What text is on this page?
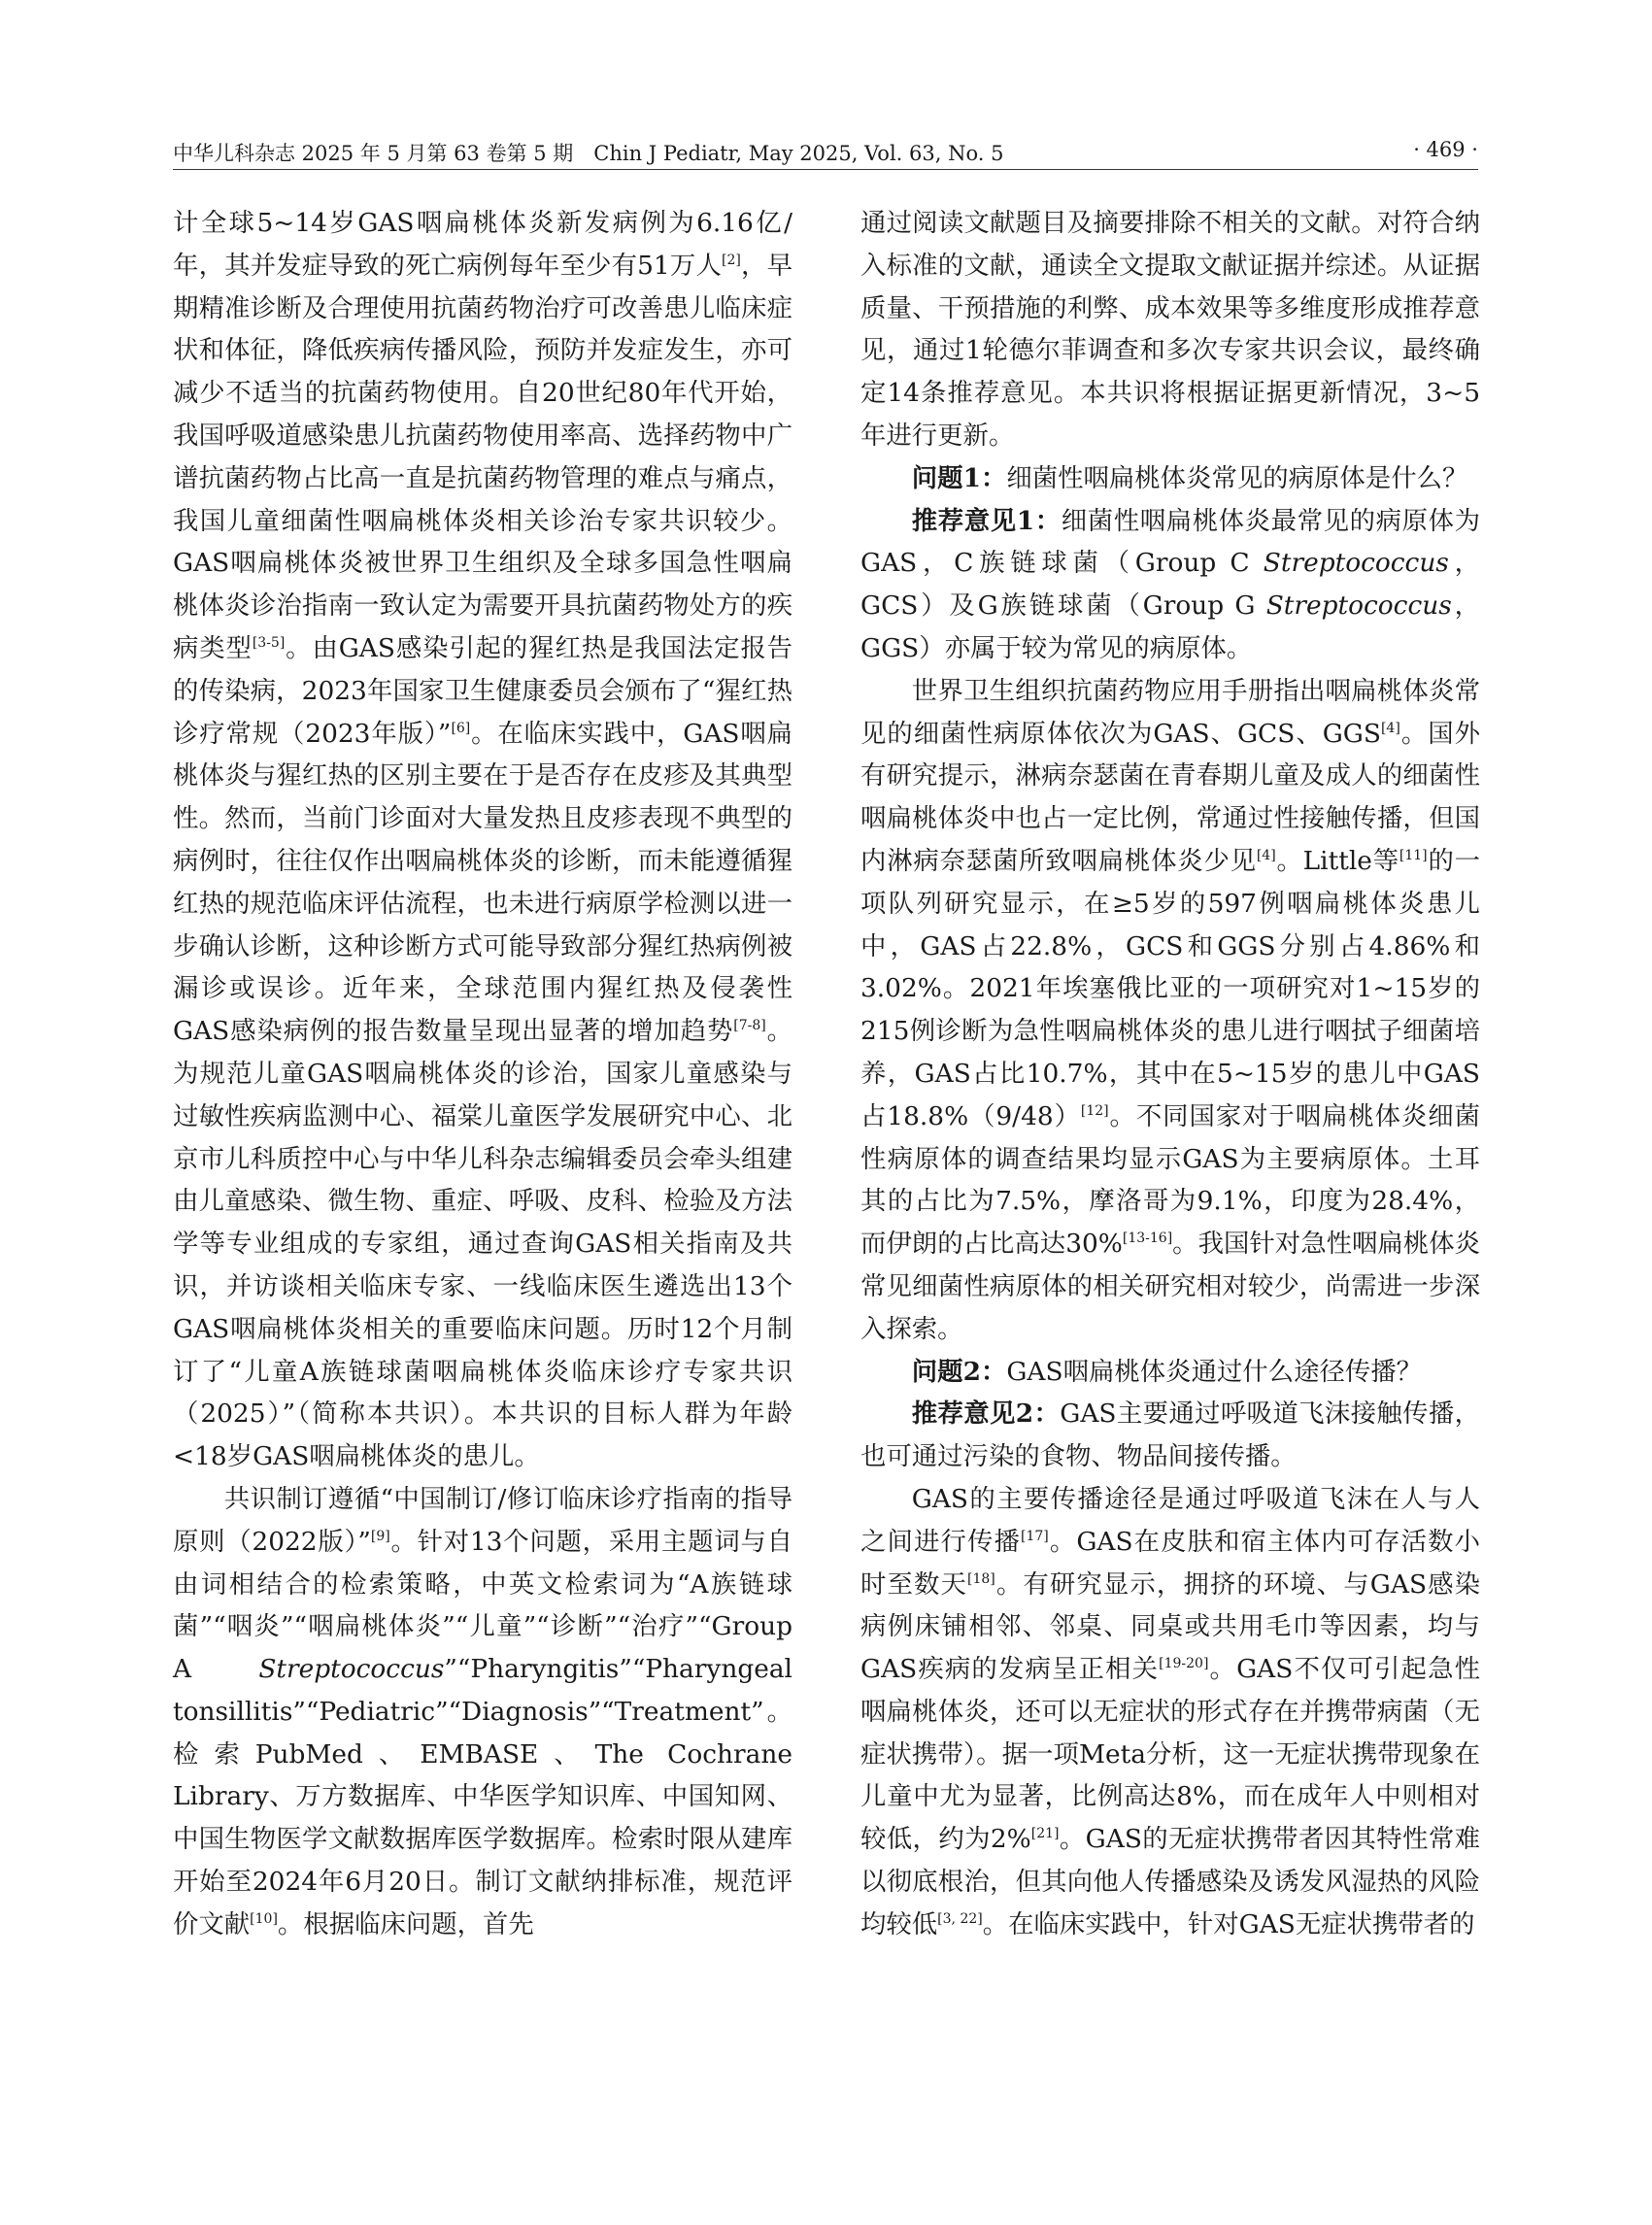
中华儿科杂志 2025 年 5 月第 63 卷第 5 期　Chin J Pediatr, May 2025, Vol. 63, No. 5	· 469 ·

计全球5~14岁GAS咽扁桃体炎新发病例为6.16亿/年，其并发症导致的死亡病例每年至少有51万人[2]，早期精准诊断及合理使用抗菌药物治疗可改善患儿临床症状和体征，降低疾病传播风险，预防并发症发生，亦可减少不适当的抗菌药物使用。自20世纪80年代开始，我国呼吸道感染患儿抗菌药物使用率高、选择药物中广谱抗菌药物占比高一直是抗菌药物管理的难点与痛点，我国儿童细菌性咽扁桃体炎相关诊治专家共识较少。GAS咽扁桃体炎被世界卫生组织及全球多国急性咽扁桃体炎诊治指南一致认定为需要开具抗菌药物处方的疾病类型[3-5]。由GAS感染引起的猩红热是我国法定报告的传染病，2023年国家卫生健康委员会颁布了“猩红热诊疗常规（2023年版）”[6]。在临床实践中，GAS咽扁桃体炎与猩红热的区别主要在于是否存在皮疹及其典型性。然而，当前门诊面对大量发热且皮疹表现不典型的病例时，往往仅作出咽扁桃体炎的诊断，而未能遵循猩红热的规范临床评估流程，也未进行病原学检测以进一步确认诊断，这种诊断方式可能导致部分猩红热病例被漏诊或误诊。近年来，全球范围内猩红热及侵袭性GAS感染病例的报告数量呈现出显著的增加趋势[7-8]。为规范儿童GAS咽扁桃体炎的诊治，国家儿童感染与过敏性疾病监测中心、福棠儿童医学发展研究中心、北京市儿科质控中心与中华儿科杂志编辑委员会牵头组建由儿童感染、微生物、重症、呼吸、皮科、检验及方法学等专业组成的专家组，通过查询GAS相关指南及共识，并访谈相关临床专家、一线临床医生遴选出13个GAS咽扁桃体炎相关的重要临床问题。历时12个月制订了“儿童A族链球菌咽扁桃体炎临床诊疗专家共识（2025）”（简称本共识）。本共识的目标人群为年龄<18岁GAS咽扁桃体炎的患儿。

共识制订遵循“中国制订/修订临床诊疗指南的指导原则（2022版）”[9]。针对13个问题，采用主题词与自由词相结合的检索策略，中英文检索词为“A族链球菌”“咽炎”“咽扁桃体炎”“儿童”“诊断”“治疗”“Group A Streptococcus”“Pharyngitis”“Pharyngeal tonsillitis”“Pediatric”“Diagnosis”“Treatment”。检索PubMed、EMBASE、The Cochrane Library、万方数据库、中华医学知识库、中国知网、中国生物医学文献数据库医学数据库。检索时限从建库开始至2024年6月20日。制订文献纳排标准，规范评价文献[10]。根据临床问题，首先

通过阅读文献题目及摘要排除不相关的文献。对符合纳入标准的文献，通读全文提取文献证据并综述。从证据质量、干预措施的利弊、成本效果等多维度形成推荐意见，通过1轮德尔菲调查和多次专家共识会议，最终确定14条推荐意见。本共识将根据证据更新情况，3~5年进行更新。

问题1：细菌性咽扁桃体炎常见的病原体是什么？

推荐意见1：细菌性咽扁桃体炎最常见的病原体为GAS，C族链球菌（Group C Streptococcus，GCS）及G族链球菌（Group G Streptococcus，GGS）亦属于较为常见的病原体。

世界卫生组织抗菌药物应用手册指出咽扁桃体炎常见的细菌性病原体依次为GAS、GCS、GGS[4]。国外有研究提示，淋病奈瑟菌在青春期儿童及成人的细菌性咽扁桃体炎中也占一定比例，常通过性接触传播，但国内淋病奈瑟菌所致咽扁桃体炎少见[4]。Little等[11]的一项队列研究显示，在≥5岁的597例咽扁桃体炎患儿中，GAS占22.8%，GCS和GGS分别占4.86%和3.02%。2021年埃塞俄比亚的一项研究对1~15岁的215例诊断为急性咽扁桃体炎的患儿进行咽拭子细菌培养，GAS占比10.7%，其中在5~15岁的患儿中GAS占18.8%（9/48）[12]。不同国家对于咽扁桃体炎细菌性病原体的调查结果均显示GAS为主要病原体。土耳其的占比为7.5%，摩洛哥为9.1%，印度为28.4%，而伊朗的占比高达30%[13-16]。我国针对急性咽扁桃体炎常见细菌性病原体的相关研究相对较少，尚需进一步深入探索。

问题2：GAS咽扁桃体炎通过什么途径传播？

推荐意见2：GAS主要通过呼吸道飞沫接触传播，也可通过污染的食物、物品间接传播。

GAS的主要传播途径是通过呼吸道飞沫在人与人之间进行传播[17]。GAS在皮肤和宿主体内可存活数小时至数天[18]。有研究显示，拥挤的环境、与GAS感染病例床铺相邻、邻桌、同桌或共用毛巾等因素，均与GAS疾病的发病呈正相关[19-20]。GAS不仅可引起急性咽扁桃体炎，还可以无症状的形式存在并携带病菌（无症状携带）。据一项Meta分析，这一无症状携带现象在儿童中尤为显著，比例高达8%，而在成年人中则相对较低，约为2%[21]。GAS的无症状携带者因其特性常难以彻底根治，但其向他人传播感染及诱发风湿热的风险均较低[3, 22]。在临床实践中，针对GAS无症状携带者的
